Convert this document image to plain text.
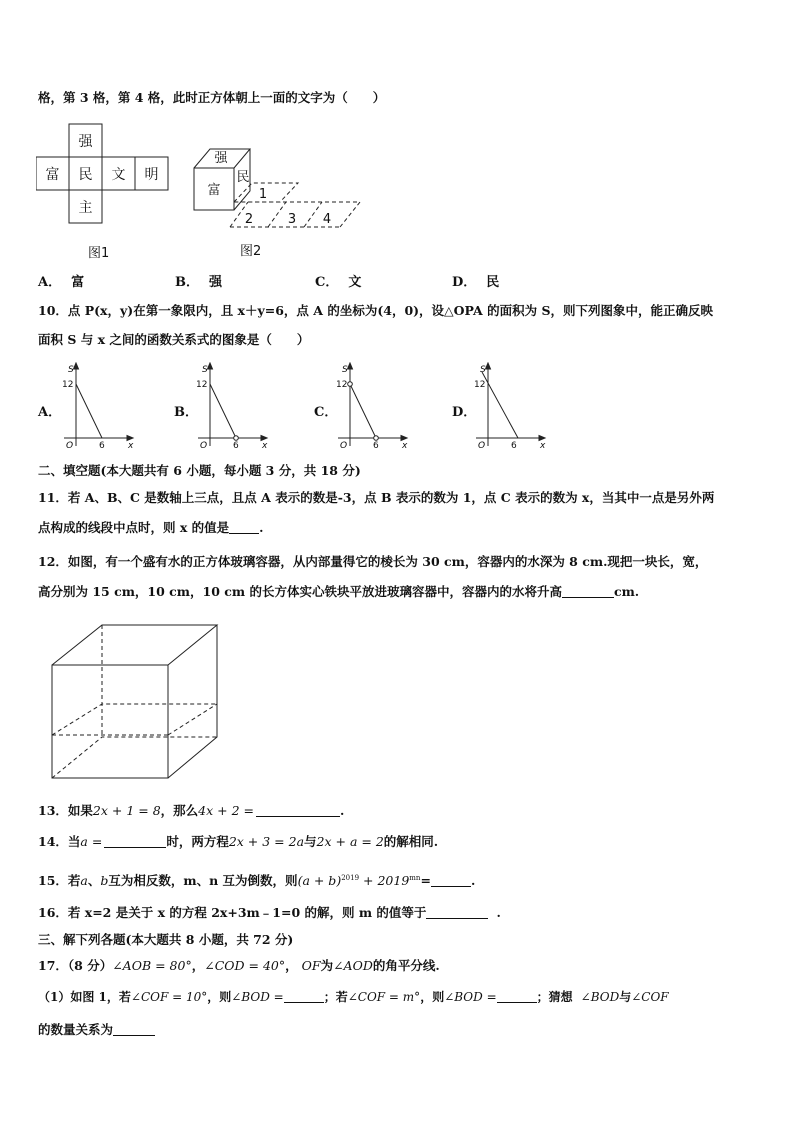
格，第 3 格，第 4 格，此时正方体朝上一面的文字为（　　）
强
富 民 文 明
主
图1
强
富
民
1
2	3 4
图2
A． 富	B． 强	C． 文	D． 民
10．点 P(x，y)在第一象限内，且 x＋y=6，点 A 的坐标为(4，0)，设△OPA 的面积为 S，则下列图象中，能正确反映
面积 S 与 x 之间的函数关系式的图象是（　　）
A．	B．	C．	D．
S
12
O	6	x
S
12
O	6	x
S
12
O	6	x
S
12
O	6	x
二、填空题(本大题共有 6 小题，每小题 3 分，共 18 分)
11．若 A、B、C 是数轴上三点，且点 A 表示的数是-3，点 B 表示的数为 1，点 C 表示的数为 x，当其中一点是另外两
点构成的线段中点时，则 x 的值是 .
12．如图，有一个盛有水的正方体玻璃容器，从内部量得它的棱长为 30 cm，容器内的水深为 8 cm.现把一块长，宽，
高分别为 15 cm，10 cm，10 cm 的长方体实心铁块平放进玻璃容器中，容器内的水将升高	cm.
13．如果2x + 1 = 8，那么4x + 2 =	.
14．当a =	时，两方程2x + 3 = 2a与2x + a = 2的解相同.
15．若a、b互为相反数，m、n 互为倒数，则$(a + b)^{2019} + 2019^{mn}=$	.
16．若 x=2 是关于 x 的方程 2x+3m﹣1=0 的解，则 m 的值等于	.
三、解下列各题(本大题共 8 小题，共 72 分)
17．（8 分）∠AOB = 80°，∠COD = 40°， OF为∠AOD的角平分线.
（1）如图 1，若∠COF = 10°，则∠BOD =	；若∠COF = m°，则∠BOD =	；猜想 ∠BOD与∠COF
的数量关系为
